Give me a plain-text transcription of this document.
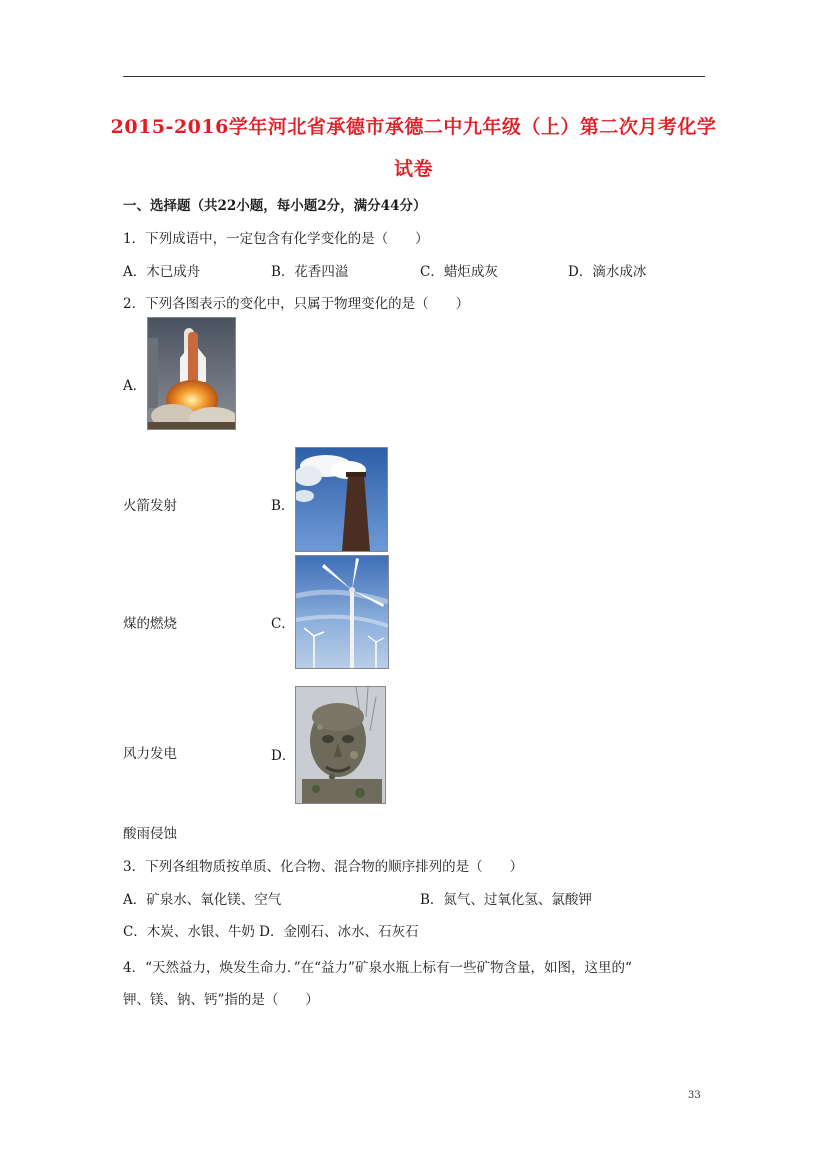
2015-2016学年河北省承德市承德二中九年级（上）第二次月考化学
试卷
一、选择题（共22小题，每小题2分，满分44分）
1．下列成语中，一定包含有化学变化的是（　　）
A．木已成舟	B．花香四溢	C．蜡炬成灰	D．滴水成冰
2．下列各图表示的变化中，只属于物理变化的是（　　）
A．
火箭发射	B．
煤的燃烧	C．
风力发电	D．
酸雨侵蚀
3．下列各组物质按单质、化合物、混合物的顺序排列的是（　　）
A．矿泉水、氧化镁、空气	B．氮气、过氧化氢、氯酸钾
C．木炭、水银、牛奶 D．金刚石、冰水、石灰石
4．“天然益力，焕发生命力．”在“益力”矿泉水瓶上标有一些矿物含量，如图，这里的“
钾、镁、钠、钙”指的是（　　）
33
